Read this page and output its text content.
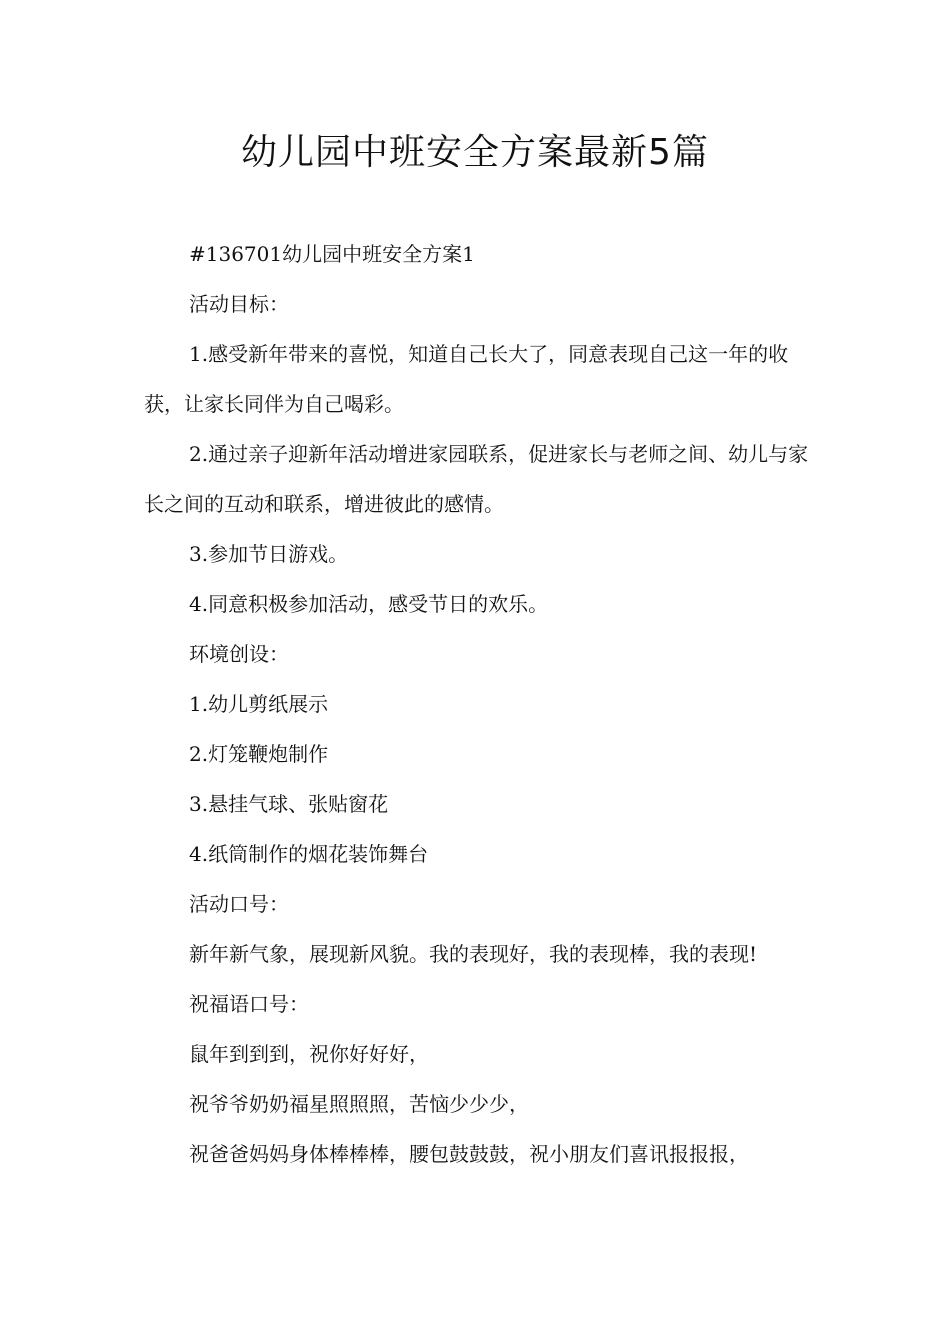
幼儿园中班安全方案最新5篇

#136701幼儿园中班安全方案1

活动目标：

1.感受新年带来的喜悦，知道自己长大了，同意表现自己这一年的收获，让家长同伴为自己喝彩。

2.通过亲子迎新年活动增进家园联系，促进家长与老师之间、幼儿与家长之间的互动和联系，增进彼此的感情。

3.参加节日游戏。

4.同意积极参加活动，感受节日的欢乐。

环境创设：

1.幼儿剪纸展示

2.灯笼鞭炮制作

3.悬挂气球、张贴窗花

4.纸筒制作的烟花装饰舞台

活动口号：

新年新气象，展现新风貌。我的表现好，我的表现棒，我的表现!

祝福语口号：

鼠年到到到，祝你好好好，

祝爷爷奶奶福星照照照，苦恼少少少，

祝爸爸妈妈身体棒棒棒，腰包鼓鼓鼓，祝小朋友们喜讯报报报，
